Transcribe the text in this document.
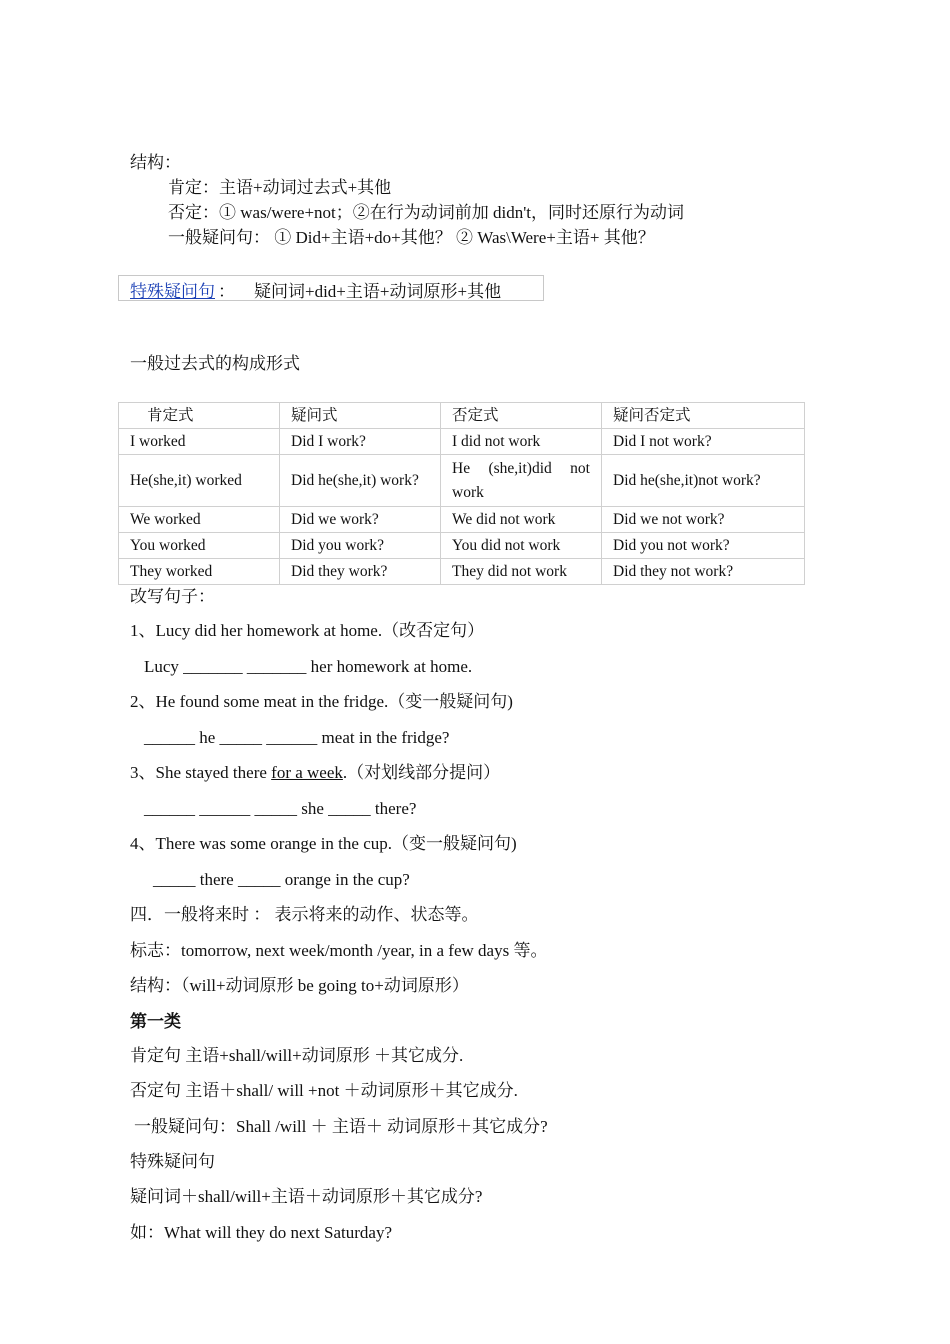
结构：
肯定：主语+动词过去式+其他
否定：① was/were+not；②在行为动词前加 didn't，同时还原行为动词
一般疑问句： ① Did+主语+do+其他？ ② Was\Were+主语+ 其他？
特殊疑问句 ： 疑问词+did+主语+动词原形+其他
一般过去式的构成形式
肯定式	疑问式	否定式	疑问否定式
I worked	Did I work?	I did not work	Did I not work?
He(she,it) worked	Did he(she,it) work?	He (she,it)did not work	Did he(she,it)not work?
We worked	Did we work?	We did not work	Did we not work?
You worked	Did you work?	You did not work	Did you not work?
They worked	Did they work?	They did not work	Did they not work?
改写句子：
1、Lucy did her homework at home.（改否定句）
Lucy _______ _______ her homework at home.
2、He found some meat in the fridge.（变一般疑问句)
______ he _____ ______ meat in the fridge?
3、She stayed there for a week.（对划线部分提问）
______ ______ _____ she _____ there?
4、There was some orange in the cup.（变一般疑问句)
_____ there _____ orange in the cup?
四．一般将来时 ： 表示将来的动作、状态等。
标志：tomorrow, next week/month /year, in a few days 等。
结构：（will+动词原形 be going to+动词原形）
第一类
肯定句 主语+shall/will+动词原形 ＋其它成分.
否定句 主语＋shall/ will +not ＋动词原形＋其它成分.
一般疑问句：Shall /will ＋ 主语＋ 动词原形＋其它成分?
特殊疑问句
疑问词＋shall/will+主语＋动词原形＋其它成分?
如：What will they do next Saturday?
